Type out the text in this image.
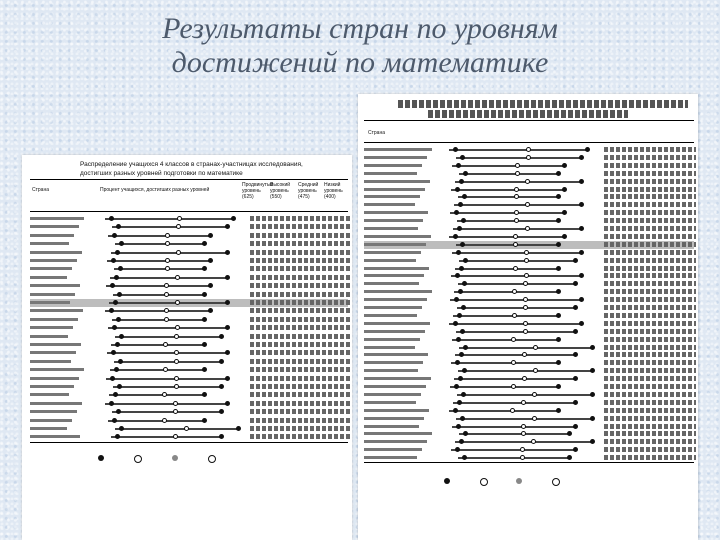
Результаты стран по уровням
достижений по математике
Распределение учащихся 4 классов в странах-участницах исследования,
достигших разных уровней подготовки по математике
Страна	Процент учащихся, достигших разных уровней
Продвинутый уровень (625)
Высокий уровень (550)
Средний уровень (475)
Низкий уровень (400)
Страна
